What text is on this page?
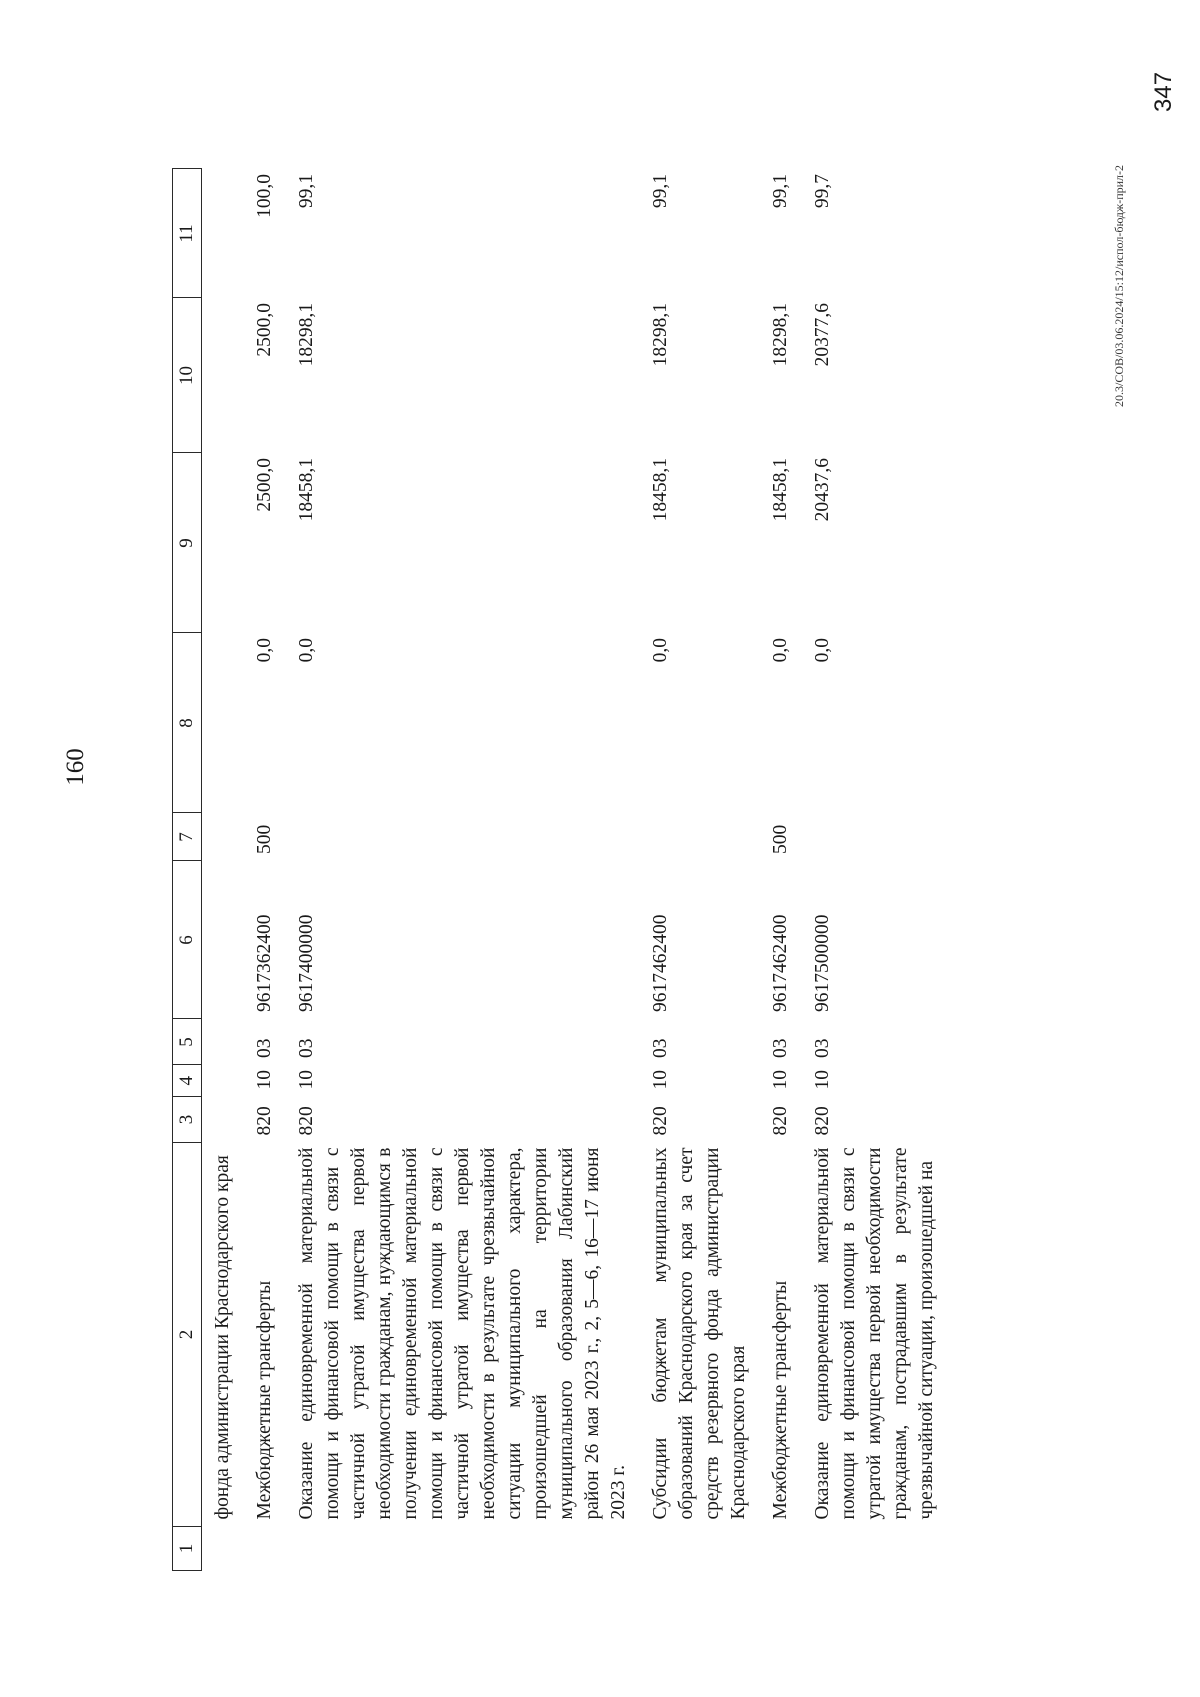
160
1	2	3	4	5	6	7	8	9	10	11
	фонда администрации Краснодарского края									
	Межбюджетные трансферты	820	10	03	9617362400	500	0,0	2500,0	2500,0	100,0
	Оказание единовременной материальной помощи и финансовой помощи в связи с частичной утратой имущества первой необходимости гражданам, нуждающимся в получении единовременной материальной помощи и финансовой помощи в связи с частичной утратой имущества первой необходимости в результате чрезвычайной ситуации муниципального характера, произошедшей на территории муниципального образования Лабинский район 26 мая 2023 г., 2, 5—6, 16—17 июня 2023 г.	820	10	03	9617400000		0,0	18458,1	18298,1	99,1
	Субсидии бюджетам муниципальных образований Краснодарского края за счет средств резервного фонда администрации Краснодарского края	820	10	03	9617462400		0,0	18458,1	18298,1	99,1
	Межбюджетные трансферты	820	10	03	9617462400	500	0,0	18458,1	18298,1	99,1
	Оказание единовременной материальной помощи и финансовой помощи в связи с утратой имущества первой необходимости гражданам, пострадавшим в результате чрезвычайной ситуации, произошедшей на	820	10	03	9617500000		0,0	20437,6	20377,6	99,7	20.3/СОВ/03.06.2024/15:12/испол-бюдж-прил-2
347
